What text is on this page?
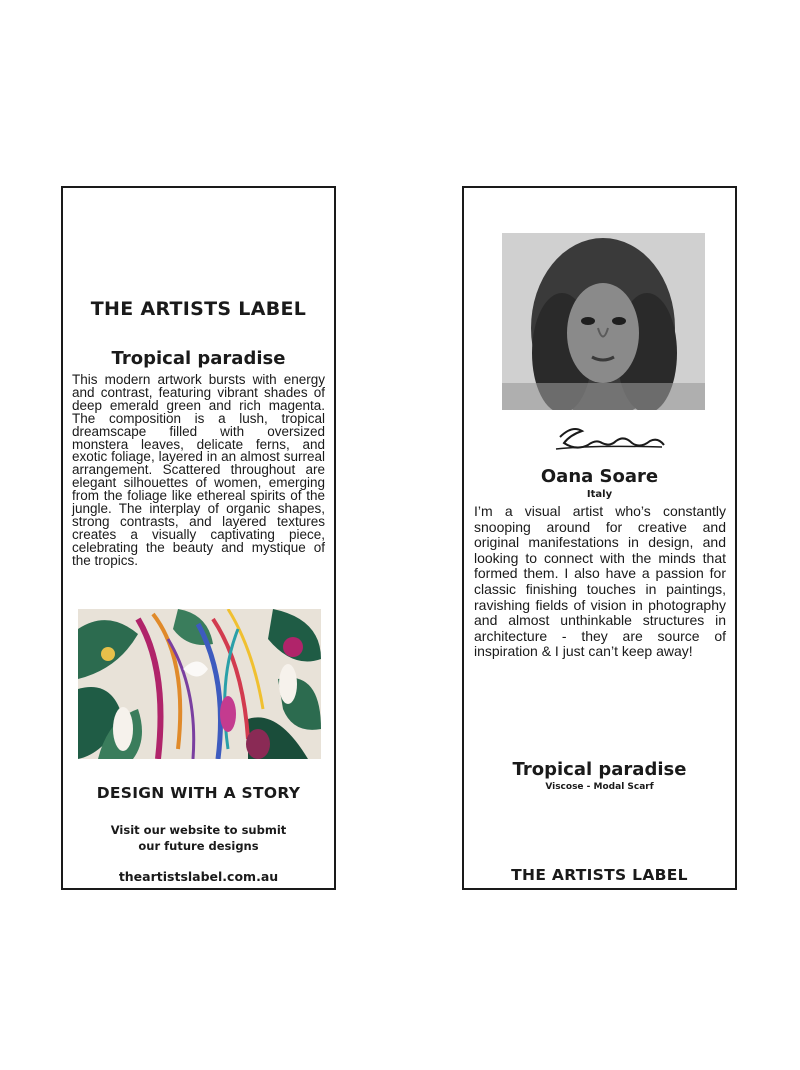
THE ARTISTS LABEL
Tropical paradise

This modern artwork bursts with energy and contrast, featuring vibrant shades of deep emerald green and rich magenta. The composition is a lush, tropical dreamscape filled with oversized monstera leaves, delicate ferns, and exotic foliage, layered in an almost surreal arrangement. Scattered throughout are elegant silhouettes of women, emerging from the foliage like ethereal spirits of the jungle. The interplay of organic shapes, strong contrasts, and layered textures creates a visually captivating piece, celebrating the beauty and mystique of the tropics.

DESIGN WITH A STORY
Visit our website to submit
our future designs
theartistslabel.com.au
Oana Soare
Italy

I’m a visual artist who’s constantly snooping around for creative and original manifestations in design, and looking to connect with the minds that formed them. I also have a passion for classic finishing touches in paintings, ravishing fields of vision in photography and almost unthinkable structures in architecture - they are source of inspiration & I just can’t keep away!

Tropical paradise
Viscose - Modal Scarf
THE ARTISTS LABEL
